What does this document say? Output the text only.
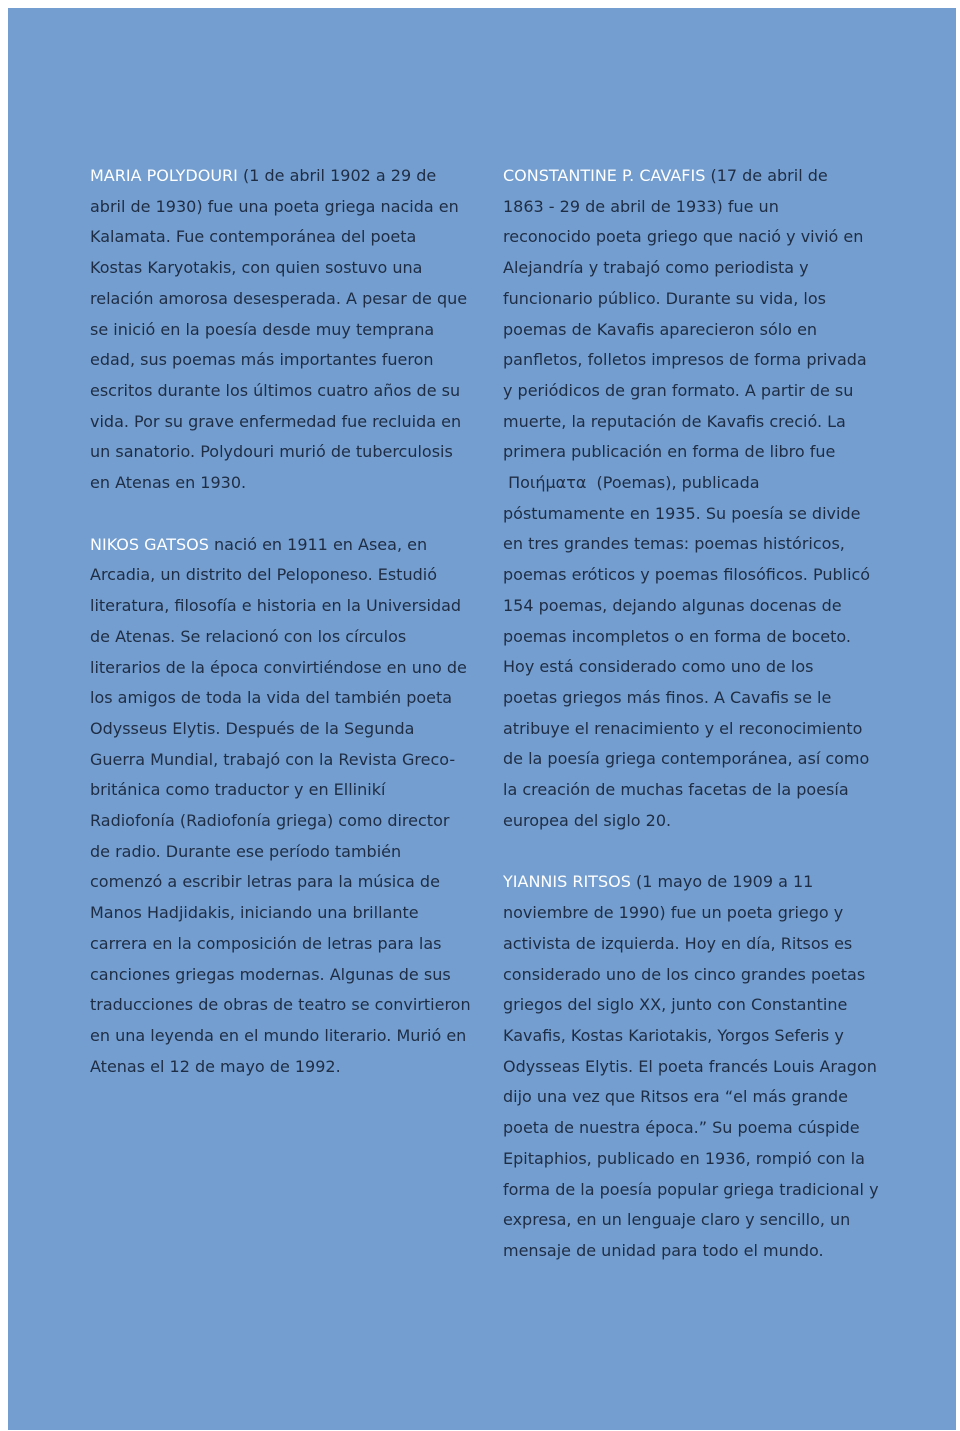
MARIA POLYDOURI (1 de abril 1902 a 29 de
abril de 1930) fue una poeta griega nacida en
Kalamata. Fue contemporánea del poeta
Kostas Karyotakis, con quien sostuvo una
relación amorosa desesperada. A pesar de que
se inició en la poesía desde muy temprana
edad, sus poemas más importantes fueron
escritos durante los últimos cuatro años de su
vida. Por su grave enfermedad fue recluida en
un sanatorio. Polydouri murió de tuberculosis
en Atenas en 1930.

NIKOS GATSOS nació en 1911 en Asea, en
Arcadia, un distrito del Peloponeso. Estudió
literatura, filosofía e historia en la Universidad
de Atenas. Se relacionó con los círculos
literarios de la época convirtiéndose en uno de
los amigos de toda la vida del también poeta
Odysseus Elytis. Después de la Segunda
Guerra Mundial, trabajó con la Revista Greco-
británica como traductor y en Ellinikí
Radiofonía (Radiofonía griega) como director
de radio. Durante ese período también
comenzó a escribir letras para la música de
Manos Hadjidakis, iniciando una brillante
carrera en la composición de letras para las
canciones griegas modernas. Algunas de sus
traducciones de obras de teatro se convirtieron
en una leyenda en el mundo literario. Murió en
Atenas el 12 de mayo de 1992.

CONSTANTINE P. CAVAFIS (17 de abril de
1863 - 29 de abril de 1933) fue un
reconocido poeta griego que nació y vivió en
Alejandría y trabajó como periodista y
funcionario público. Durante su vida, los
poemas de Kavafis aparecieron sólo en
panfletos, folletos impresos de forma privada
y periódicos de gran formato. A partir de su
muerte, la reputación de Kavafis creció. La
primera publicación en forma de libro fue
Ποιήματα  (Poemas), publicada
póstumamente en 1935. Su poesía se divide
en tres grandes temas: poemas históricos,
poemas eróticos y poemas filosóficos. Publicó
154 poemas, dejando algunas docenas de
poemas incompletos o en forma de boceto.
Hoy está considerado como uno de los
poetas griegos más finos. A Cavafis se le
atribuye el renacimiento y el reconocimiento
de la poesía griega contemporánea, así como
la creación de muchas facetas de la poesía
europea del siglo 20.

YIANNIS RITSOS (1 mayo de 1909 a 11
noviembre de 1990) fue un poeta griego y
activista de izquierda. Hoy en día, Ritsos es
considerado uno de los cinco grandes poetas
griegos del siglo XX, junto con Constantine
Kavafis, Kostas Kariotakis, Yorgos Seferis y
Odysseas Elytis. El poeta francés Louis Aragon
dijo una vez que Ritsos era “el más grande
poeta de nuestra época.” Su poema cúspide
Epitaphios, publicado en 1936, rompió con la
forma de la poesía popular griega tradicional y
expresa, en un lenguaje claro y sencillo, un
mensaje de unidad para todo el mundo.
